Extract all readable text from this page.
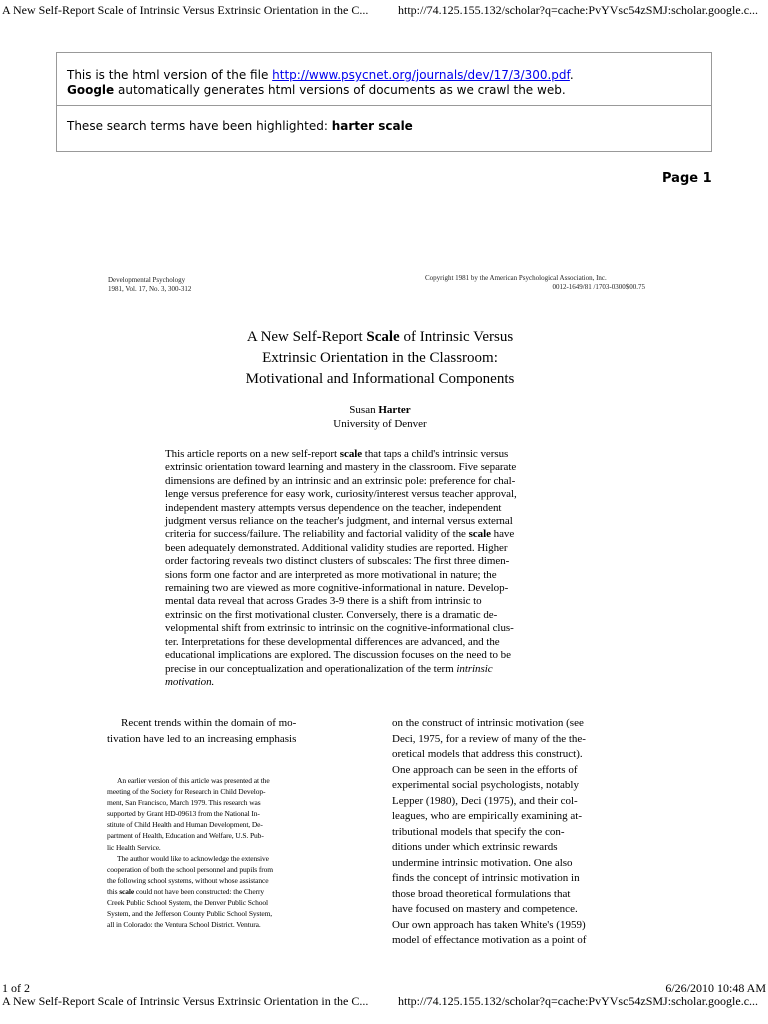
A New Self-Report Scale of Intrinsic Versus Extrinsic Orientation in the C...	http://74.125.155.132/scholar?q=cache:PvYVsc54zSMJ:scholar.google.c...
This is the html version of the file http://www.psycnet.org/journals/dev/17/3/300.pdf.
Google automatically generates html versions of documents as we crawl the web.
These search terms have been highlighted: harter scale
Page 1
Developmental Psychology
1981, Vol. 17, No. 3, 300-312
Copyright 1981 by the American Psychological Association, Inc.
0012-1649/81 /1703-0300$00.75
A New Self-Report Scale of Intrinsic Versus
Extrinsic Orientation in the Classroom:
Motivational and Informational Components
Susan Harter
University of Denver
This article reports on a new self-report scale that taps a child's intrinsic versus
extrinsic orientation toward learning and mastery in the classroom. Five separate
dimensions are defined by an intrinsic and an extrinsic pole: preference for chal-
lenge versus preference for easy work, curiosity/interest versus teacher approval,
independent mastery attempts versus dependence on the teacher, independent
judgment versus reliance on the teacher's judgment, and internal versus external
criteria for success/failure. The reliability and factorial validity of the scale have
been adequately demonstrated. Additional validity studies are reported. Higher
order factoring reveals two distinct clusters of subscales: The first three dimen-
sions form one factor and are interpreted as more motivational in nature; the
remaining two are viewed as more cognitive-informational in nature. Develop-
mental data reveal that across Grades 3-9 there is a shift from intrinsic to
extrinsic on the first motivational cluster. Conversely, there is a dramatic de-
velopmental shift from extrinsic to intrinsic on the cognitive-informational clus-
ter. Interpretations for these developmental differences are advanced, and the
educational implications are explored. The discussion focuses on the need to be
precise in our conceptualization and operationalization of the term intrinsic
motivation.
Recent trends within the domain of mo-
tivation have led to an increasing emphasis
An earlier version of this article was presented at the
meeting of the Society for Research in Child Develop-
ment, San Francisco, March 1979. This research was
supported by Grant HD-09613 from the National In-
stitute of Child Health and Human Development, De-
partment of Health, Education and Welfare, U.S. Pub-
lic Health Service.
The author would like to acknowledge the extensive
cooperation of both the school personnel and pupils from
the following school systems, without whose assistance
this scale could not have been constructed: the Cherry
Creek Public School System, the Denver Public School
System, and the Jefferson County Public School System,
all in Colorado: the Ventura School District. Ventura.
on the construct of intrinsic motivation (see
Deci, 1975, for a review of many of the the-
oretical models that address this construct).
One approach can be seen in the efforts of
experimental social psychologists, notably
Lepper (1980), Deci (1975), and their col-
leagues, who are empirically examining at-
tributional models that specify the con-
ditions under which extrinsic rewards
undermine intrinsic motivation. One also
finds the concept of intrinsic motivation in
those broad theoretical formulations that
have focused on mastery and competence.
Our own approach has taken White's (1959)
model of effectance motivation as a point of
1 of 2	6/26/2010 10:48 AM
A New Self-Report Scale of Intrinsic Versus Extrinsic Orientation in the C...	http://74.125.155.132/scholar?q=cache:PvYVsc54zSMJ:scholar.google.c...
